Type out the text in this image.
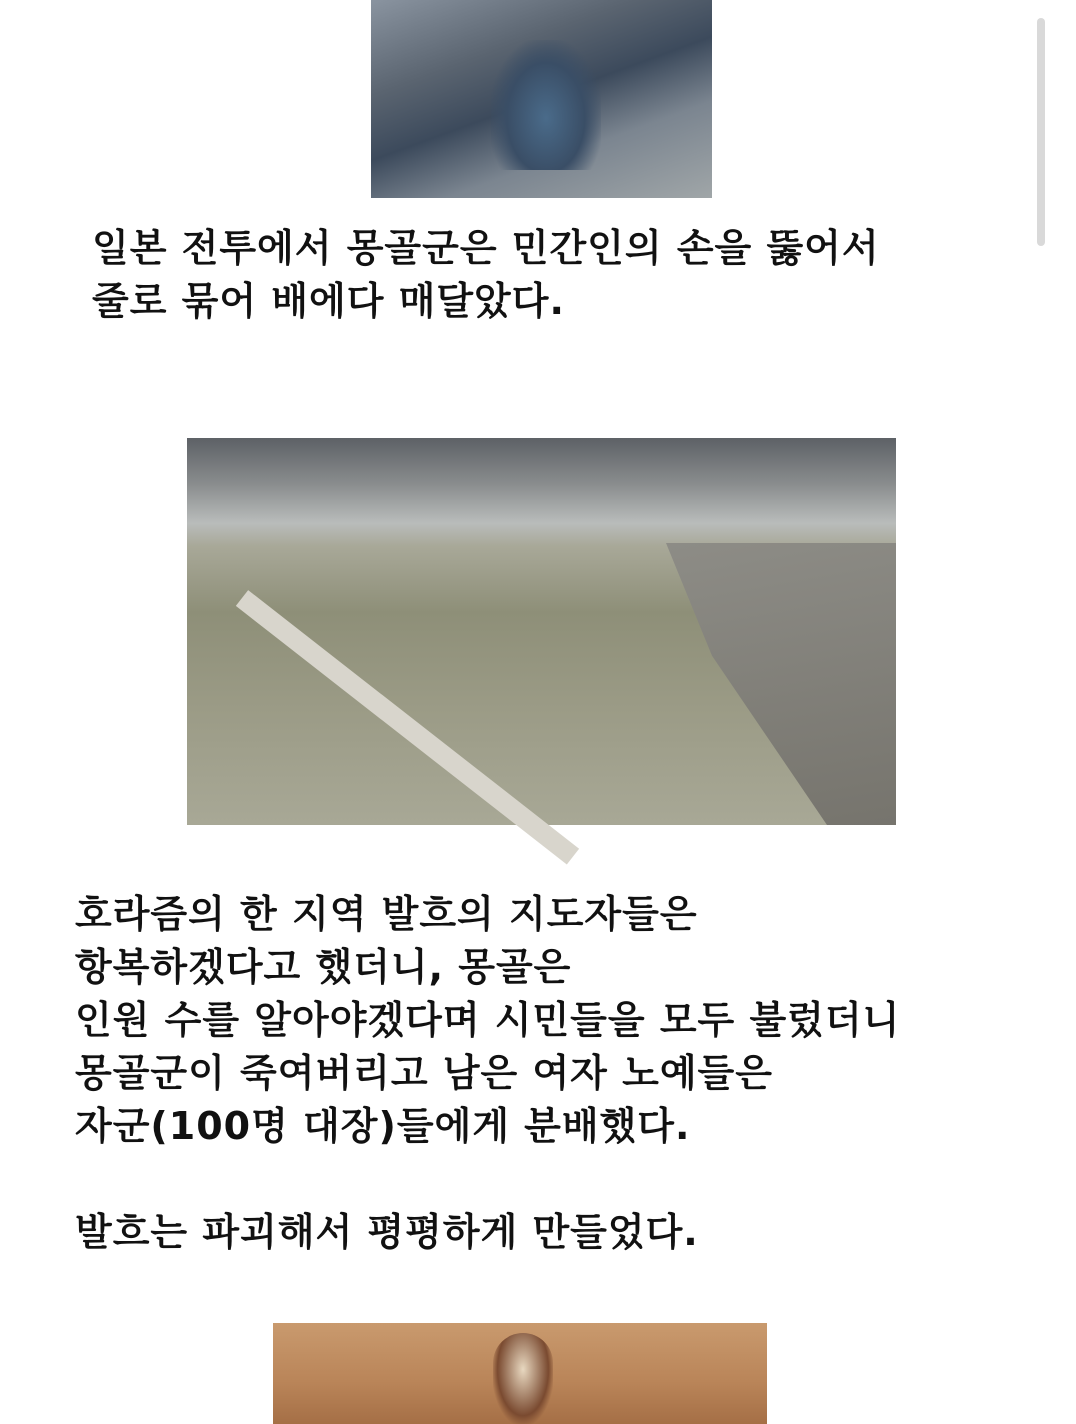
일본 전투에서 몽골군은 민간인의 손을 뚫어서
줄로 묶어 배에다 매달았다.
호라즘의 한 지역 발흐의 지도자들은
항복하겠다고 했더니, 몽골은
인원 수를 알아야겠다며 시민들을 모두 불렀더니
몽골군이 죽여버리고 남은 여자 노예들은
자군(100명 대장)들에게 분배했다.
발흐는 파괴해서 평평하게 만들었다.
